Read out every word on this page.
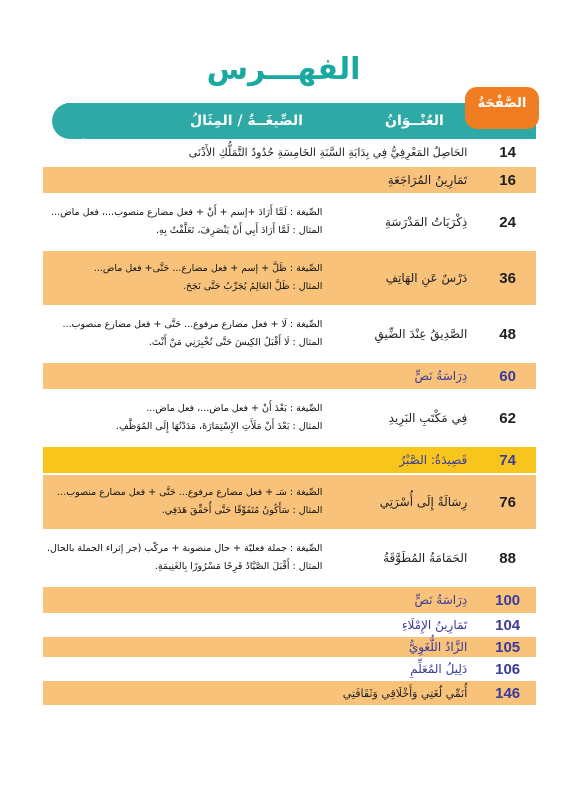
الفهـــرس
العُنْــوَانُ
الصِّيغَــةُ / المِثَالُ
الصَّفْحَةُ
14	الحَاصِلُ المَعْرِفِيُّ فِي بِدَايَةِ السَّنَةِ الخَامِسَةِ حُدُودُ التَّمَلُّكِ الأَدْنَى	
16	تَمَارِينُ المُرَاجَعَةِ	
24	ذِكْرَيَاتُ المَدْرَسَةِ	الصِّيغة : لَمَّا أَرَادَ +إسم + أَنْ + فعل مضارع منصوب...، فعل ماض...
المثال : لَمَّا أَرَادَ أَبِي أَنْ يَنْصَرِفَ، تَعَلَّقْتُ بِهِ.

36	دَرْسٌ عَنِ الهَاتِفِ	الصِّيغة : ظَلَّ + إسم + فعل مضارع... حَتَّى+ فعل ماض...
المثال : ظَلَّ العَالِمُ يُجَرِّبُ حَتَّى نَجَحَ.

48	الصَّدِيقُ عِنْدَ الضِّيقِ	الصِّيغة : لَا + فعل مضارع مرفوع... حَتَّى + فعل مضارع منصوب...
المثال : لَا أَقْبَلُ الكِيسَ حَتَّى تُخْبِرَنِي مَنْ أَنْتَ.

60	دِرَاسَةُ نَصٍّ	
62	فِي مَكْتَبِ البَرِيدِ	الصِّيغة : بَعْدَ أَنْ + فعل ماض...، فعل ماض...
المثال : بَعْدَ أَنْ مَلَأَتِ الإِسْتِمَارَةَ، مَدَدْتُهَا إِلَى المُوَظَّفِ.

74	قَصِيدَةُ: الصَّبْرُ	
76	رِسَالَةٌ إِلَى أُسْرَتِي	الصِّيغة : سَـ + فعل مضارع مرفوع... حَتَّى + فعل مضارع منصوب...
المثال : سَأَكُونُ مُتَفَوِّقًا حَتَّى أُحَقِّقَ هَدَفِي.

88	الحَمَامَةُ المُطَوَّقَةُ	الصِّيغة : جملة فعليّة + حال منصوبة + مركّب (جر إثراء الجملة بالحال.
المثال : أَقْبَلَ الصَّيَّادُ فَرِحًا مَسْرُورًا بِالغَنِيمَةِ.

100	دِرَاسَةُ نَصٍّ	
104	تَمَارِينُ الإِمْلَاءِ	
105	الزَّادُ اللُّغَوِيُّ	
106	دَلِيلُ المُعَلِّمِ	
146	أُنَمِّي لُغَتِي وَأَخْلَاقِي وَثَقَافَتِي	
